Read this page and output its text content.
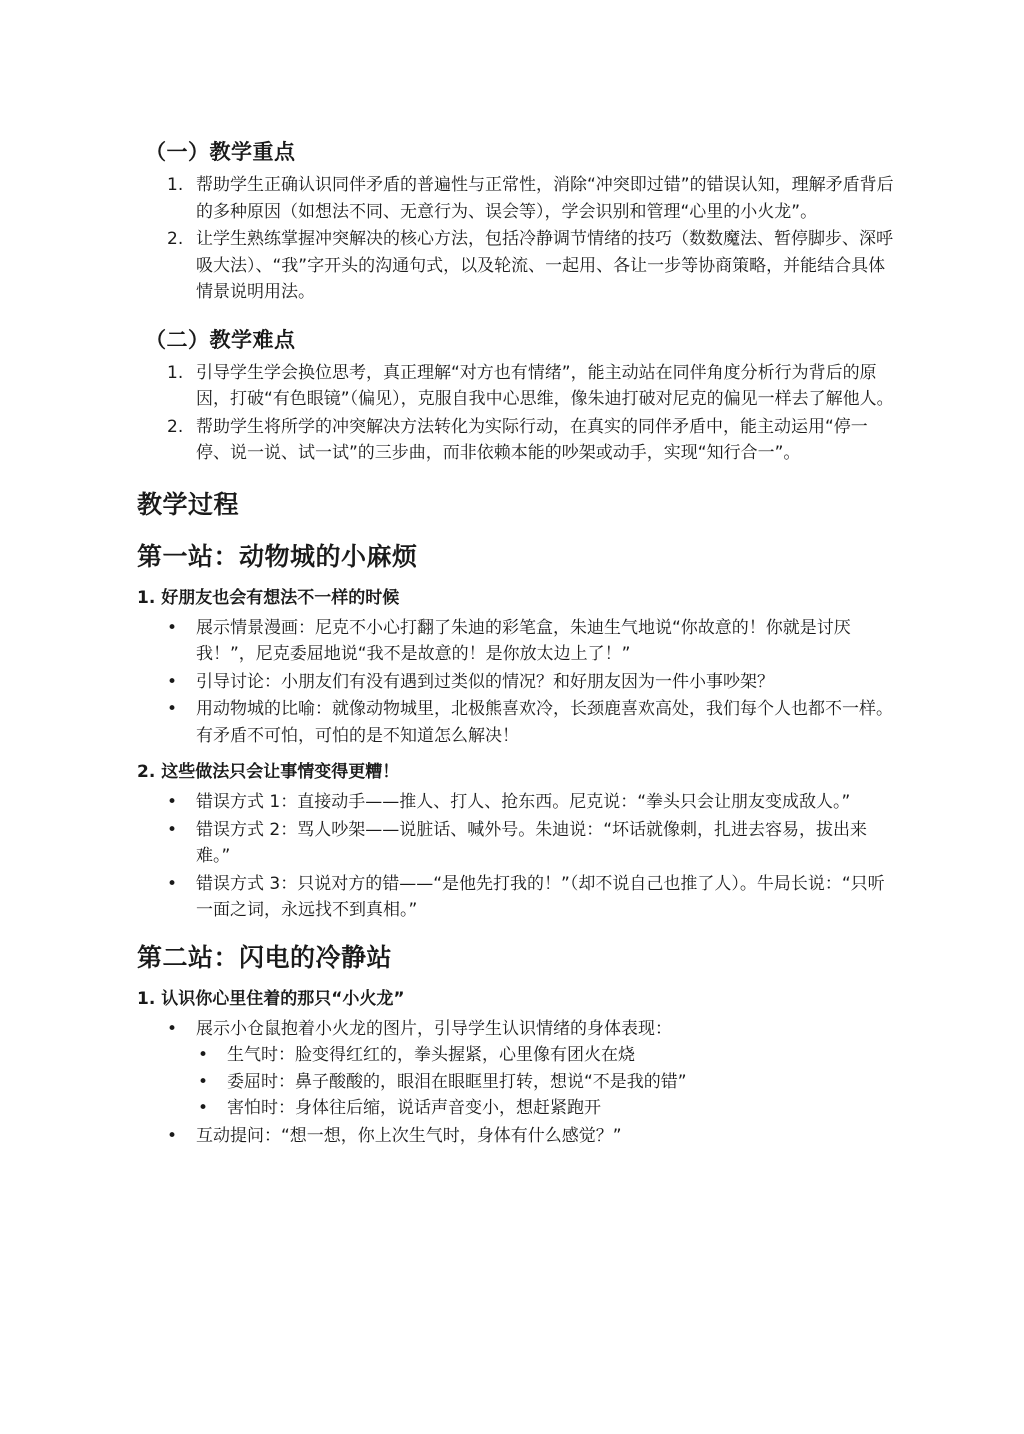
（一）教学重点
1. 帮助学生正确认识同伴矛盾的普遍性与正常性，消除“冲突即过错”的错误认知，理解矛盾背后的多种原因（如想法不同、无意行为、误会等），学会识别和管理“心里的小火龙”。
2. 让学生熟练掌握冲突解决的核心方法，包括冷静调节情绪的技巧（数数魔法、暂停脚步、深呼吸大法）、“我”字开头的沟通句式，以及轮流、一起用、各让一步等协商策略，并能结合具体情景说明用法。
（二）教学难点
1. 引导学生学会换位思考，真正理解“对方也有情绪”，能主动站在同伴角度分析行为背后的原因，打破“有色眼镜”（偏见），克服自我中心思维，像朱迪打破对尼克的偏见一样去了解他人。
2. 帮助学生将所学的冲突解决方法转化为实际行动，在真实的同伴矛盾中，能主动运用“停一停、说一说、试一试”的三步曲，而非依赖本能的吵架或动手，实现“知行合一”。
教学过程
第一站：动物城的小麻烦
1. 好朋友也会有想法不一样的时候
• 展示情景漫画：尼克不小心打翻了朱迪的彩笔盒，朱迪生气地说“你故意的！你就是讨厌我！”，尼克委屈地说“我不是故意的！是你放太边上了！”
• 引导讨论：小朋友们有没有遇到过类似的情况？和好朋友因为一件小事吵架？
• 用动物城的比喻：就像动物城里，北极熊喜欢冷，长颈鹿喜欢高处，我们每个人也都不一样。有矛盾不可怕，可怕的是不知道怎么解决！
2. 这些做法只会让事情变得更糟！
• 错误方式 1：直接动手——推人、打人、抢东西。尼克说：“拳头只会让朋友变成敌人。”
• 错误方式 2：骂人吵架——说脏话、喊外号。朱迪说：“坏话就像刺，扎进去容易，拔出来难。”
• 错误方式 3：只说对方的错——“是他先打我的！”（却不说自己也推了人）。牛局长说：“只听一面之词，永远找不到真相。”
第二站：闪电的冷静站
1. 认识你心里住着的那只“小火龙”
• 展示小仓鼠抱着小火龙的图片，引导学生认识情绪的身体表现：
• 生气时：脸变得红红的，拳头握紧，心里像有团火在烧
• 委屈时：鼻子酸酸的，眼泪在眼眶里打转，想说“不是我的错”
• 害怕时：身体往后缩，说话声音变小，想赶紧跑开
• 互动提问：“想一想，你上次生气时，身体有什么感觉？”
